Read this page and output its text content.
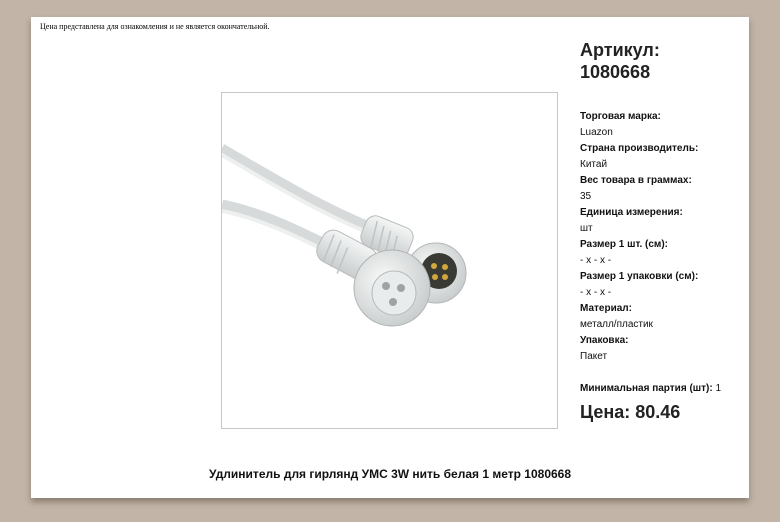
Цена представлена для ознакомления и не является окончательной.
Артикул:
1080668
Торговая марка:
Luazon
Страна производитель:
Китай
Вес товара в граммах:
35
Единица измерения:
шт
Размер 1 шт. (см):
- x - x -
Размер 1 упаковки (см):
- x - x -
Материал:
металл/пластик
Упаковка:
Пакет
Минимальная партия (шт): 1
Цена: 80.46
Удлинитель для гирлянд УМС 3W нить белая 1 метр 1080668
